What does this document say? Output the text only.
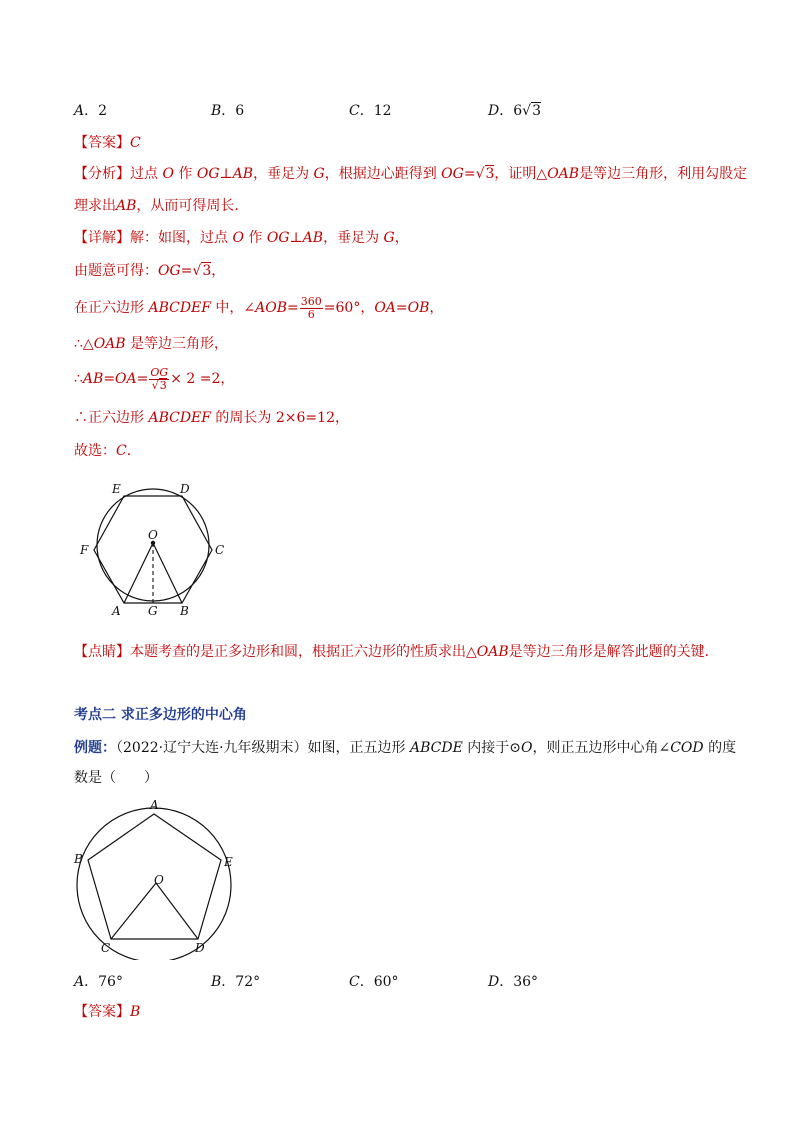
A．2	B．6	C．12	D．6√3
【答案】C
【分析】过点 O 作 OG⊥AB，垂足为 G，根据边心距得到 OG=√3，证明△OAB是等边三角形，利用勾股定
理求出AB，从而可得周长．
【详解】解：如图，过点 O 作 OG⊥AB，垂足为 G，
由题意可得：OG=√3，
在正六边形 ABCDEF 中，∠AOB= $\frac{360}{6} =60^\circ$，OA=OB，
∴△OAB 是等边三角形，
∴AB=OA= $\frac{OG}{√3} \times 2 =2$，
∴正六边形 ABCDEF 的周长为 2×6=12，
故选：C．
E	D
O
F	C
A G B
【点睛】本题考查的是正多边形和圆，根据正六边形的性质求出△OAB是等边三角形是解答此题的关键．
考点二 求正多边形的中心角
例题：（2022·辽宁大连·九年级期末）如图，正五边形 ABCDE 内接于⊙O，则正五边形中心角∠COD 的度
数是（　　）
A
B	E
O
C	D
A．76°	B．72°	C．60°	D．36°
【答案】B
